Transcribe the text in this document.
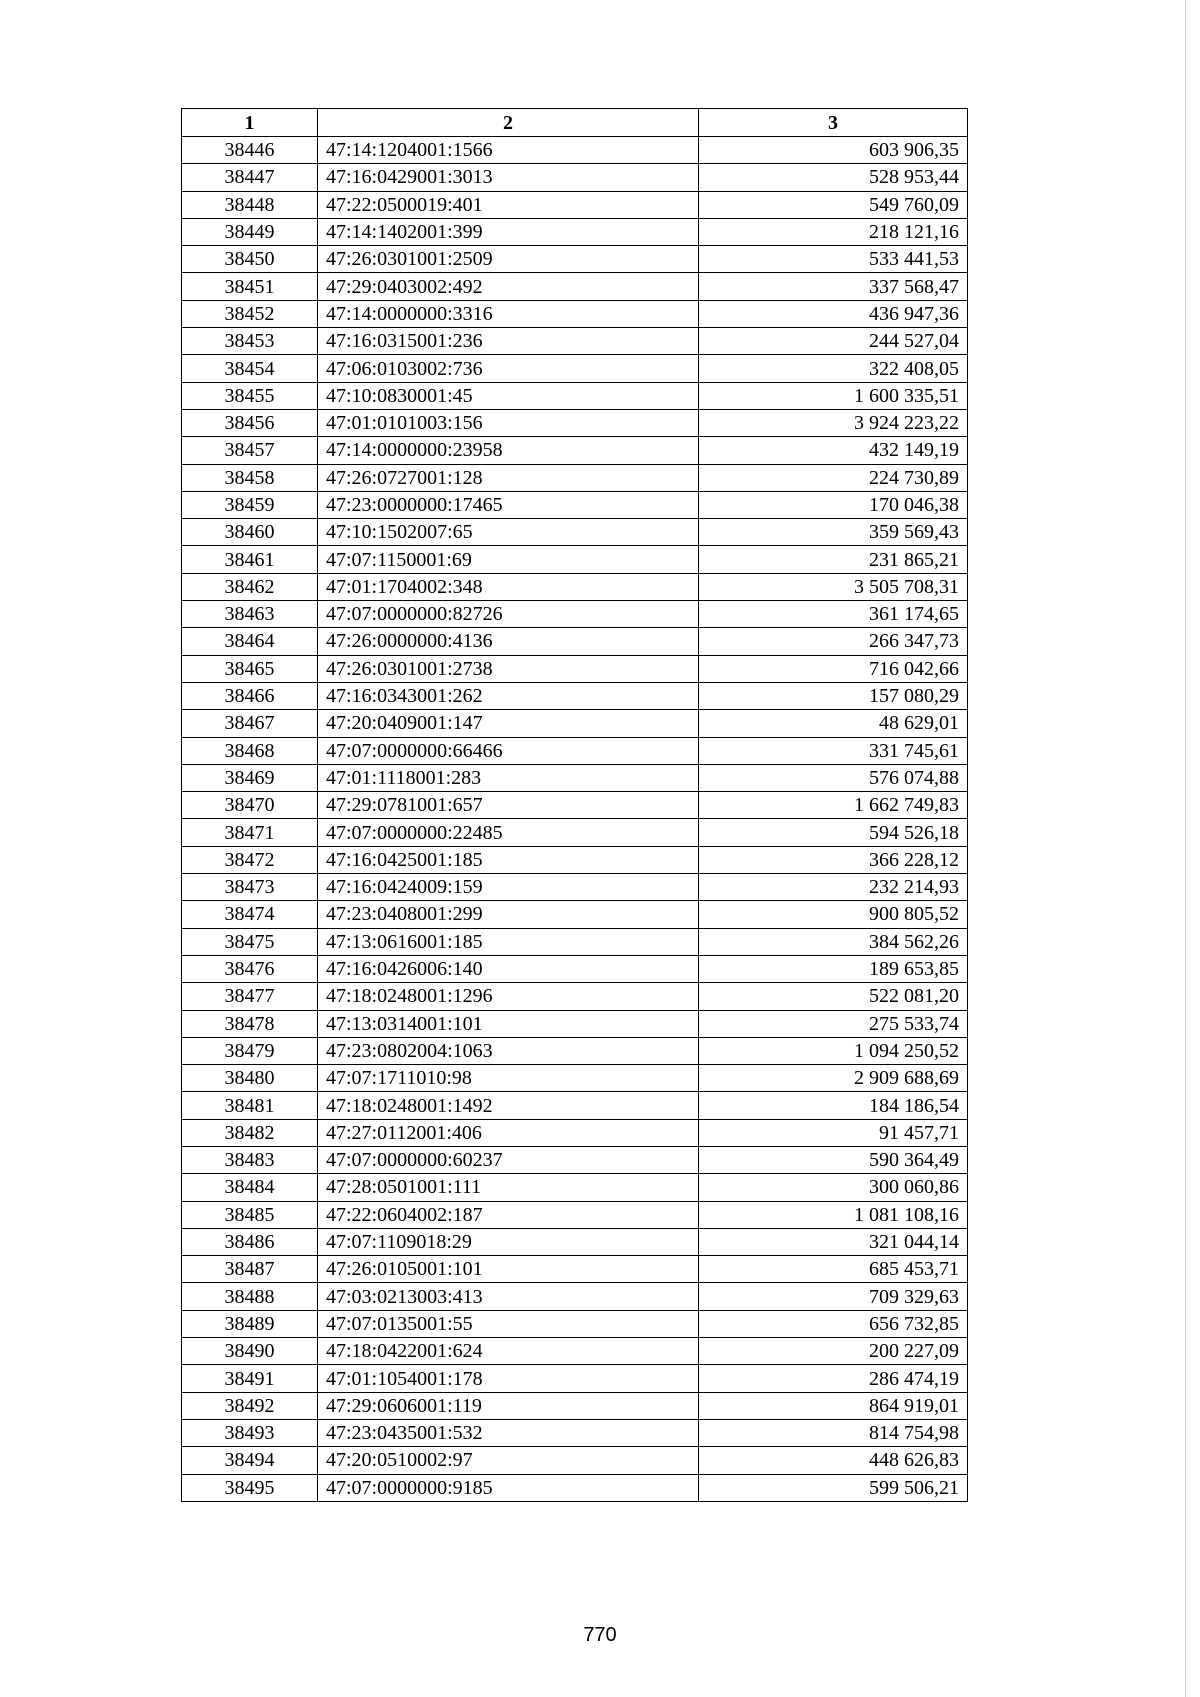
1	2	3
38446	47:14:1204001:1566	603 906,35
38447	47:16:0429001:3013	528 953,44
38448	47:22:0500019:401	549 760,09
38449	47:14:1402001:399	218 121,16
38450	47:26:0301001:2509	533 441,53
38451	47:29:0403002:492	337 568,47
38452	47:14:0000000:3316	436 947,36
38453	47:16:0315001:236	244 527,04
38454	47:06:0103002:736	322 408,05
38455	47:10:0830001:45	1 600 335,51
38456	47:01:0101003:156	3 924 223,22
38457	47:14:0000000:23958	432 149,19
38458	47:26:0727001:128	224 730,89
38459	47:23:0000000:17465	170 046,38
38460	47:10:1502007:65	359 569,43
38461	47:07:1150001:69	231 865,21
38462	47:01:1704002:348	3 505 708,31
38463	47:07:0000000:82726	361 174,65
38464	47:26:0000000:4136	266 347,73
38465	47:26:0301001:2738	716 042,66
38466	47:16:0343001:262	157 080,29
38467	47:20:0409001:147	48 629,01
38468	47:07:0000000:66466	331 745,61
38469	47:01:1118001:283	576 074,88
38470	47:29:0781001:657	1 662 749,83
38471	47:07:0000000:22485	594 526,18
38472	47:16:0425001:185	366 228,12
38473	47:16:0424009:159	232 214,93
38474	47:23:0408001:299	900 805,52
38475	47:13:0616001:185	384 562,26
38476	47:16:0426006:140	189 653,85
38477	47:18:0248001:1296	522 081,20
38478	47:13:0314001:101	275 533,74
38479	47:23:0802004:1063	1 094 250,52
38480	47:07:1711010:98	2 909 688,69
38481	47:18:0248001:1492	184 186,54
38482	47:27:0112001:406	91 457,71
38483	47:07:0000000:60237	590 364,49
38484	47:28:0501001:111	300 060,86
38485	47:22:0604002:187	1 081 108,16
38486	47:07:1109018:29	321 044,14
38487	47:26:0105001:101	685 453,71
38488	47:03:0213003:413	709 329,63
38489	47:07:0135001:55	656 732,85
38490	47:18:0422001:624	200 227,09
38491	47:01:1054001:178	286 474,19
38492	47:29:0606001:119	864 919,01
38493	47:23:0435001:532	814 754,98
38494	47:20:0510002:97	448 626,83
38495	47:07:0000000:9185	599 506,21
770
